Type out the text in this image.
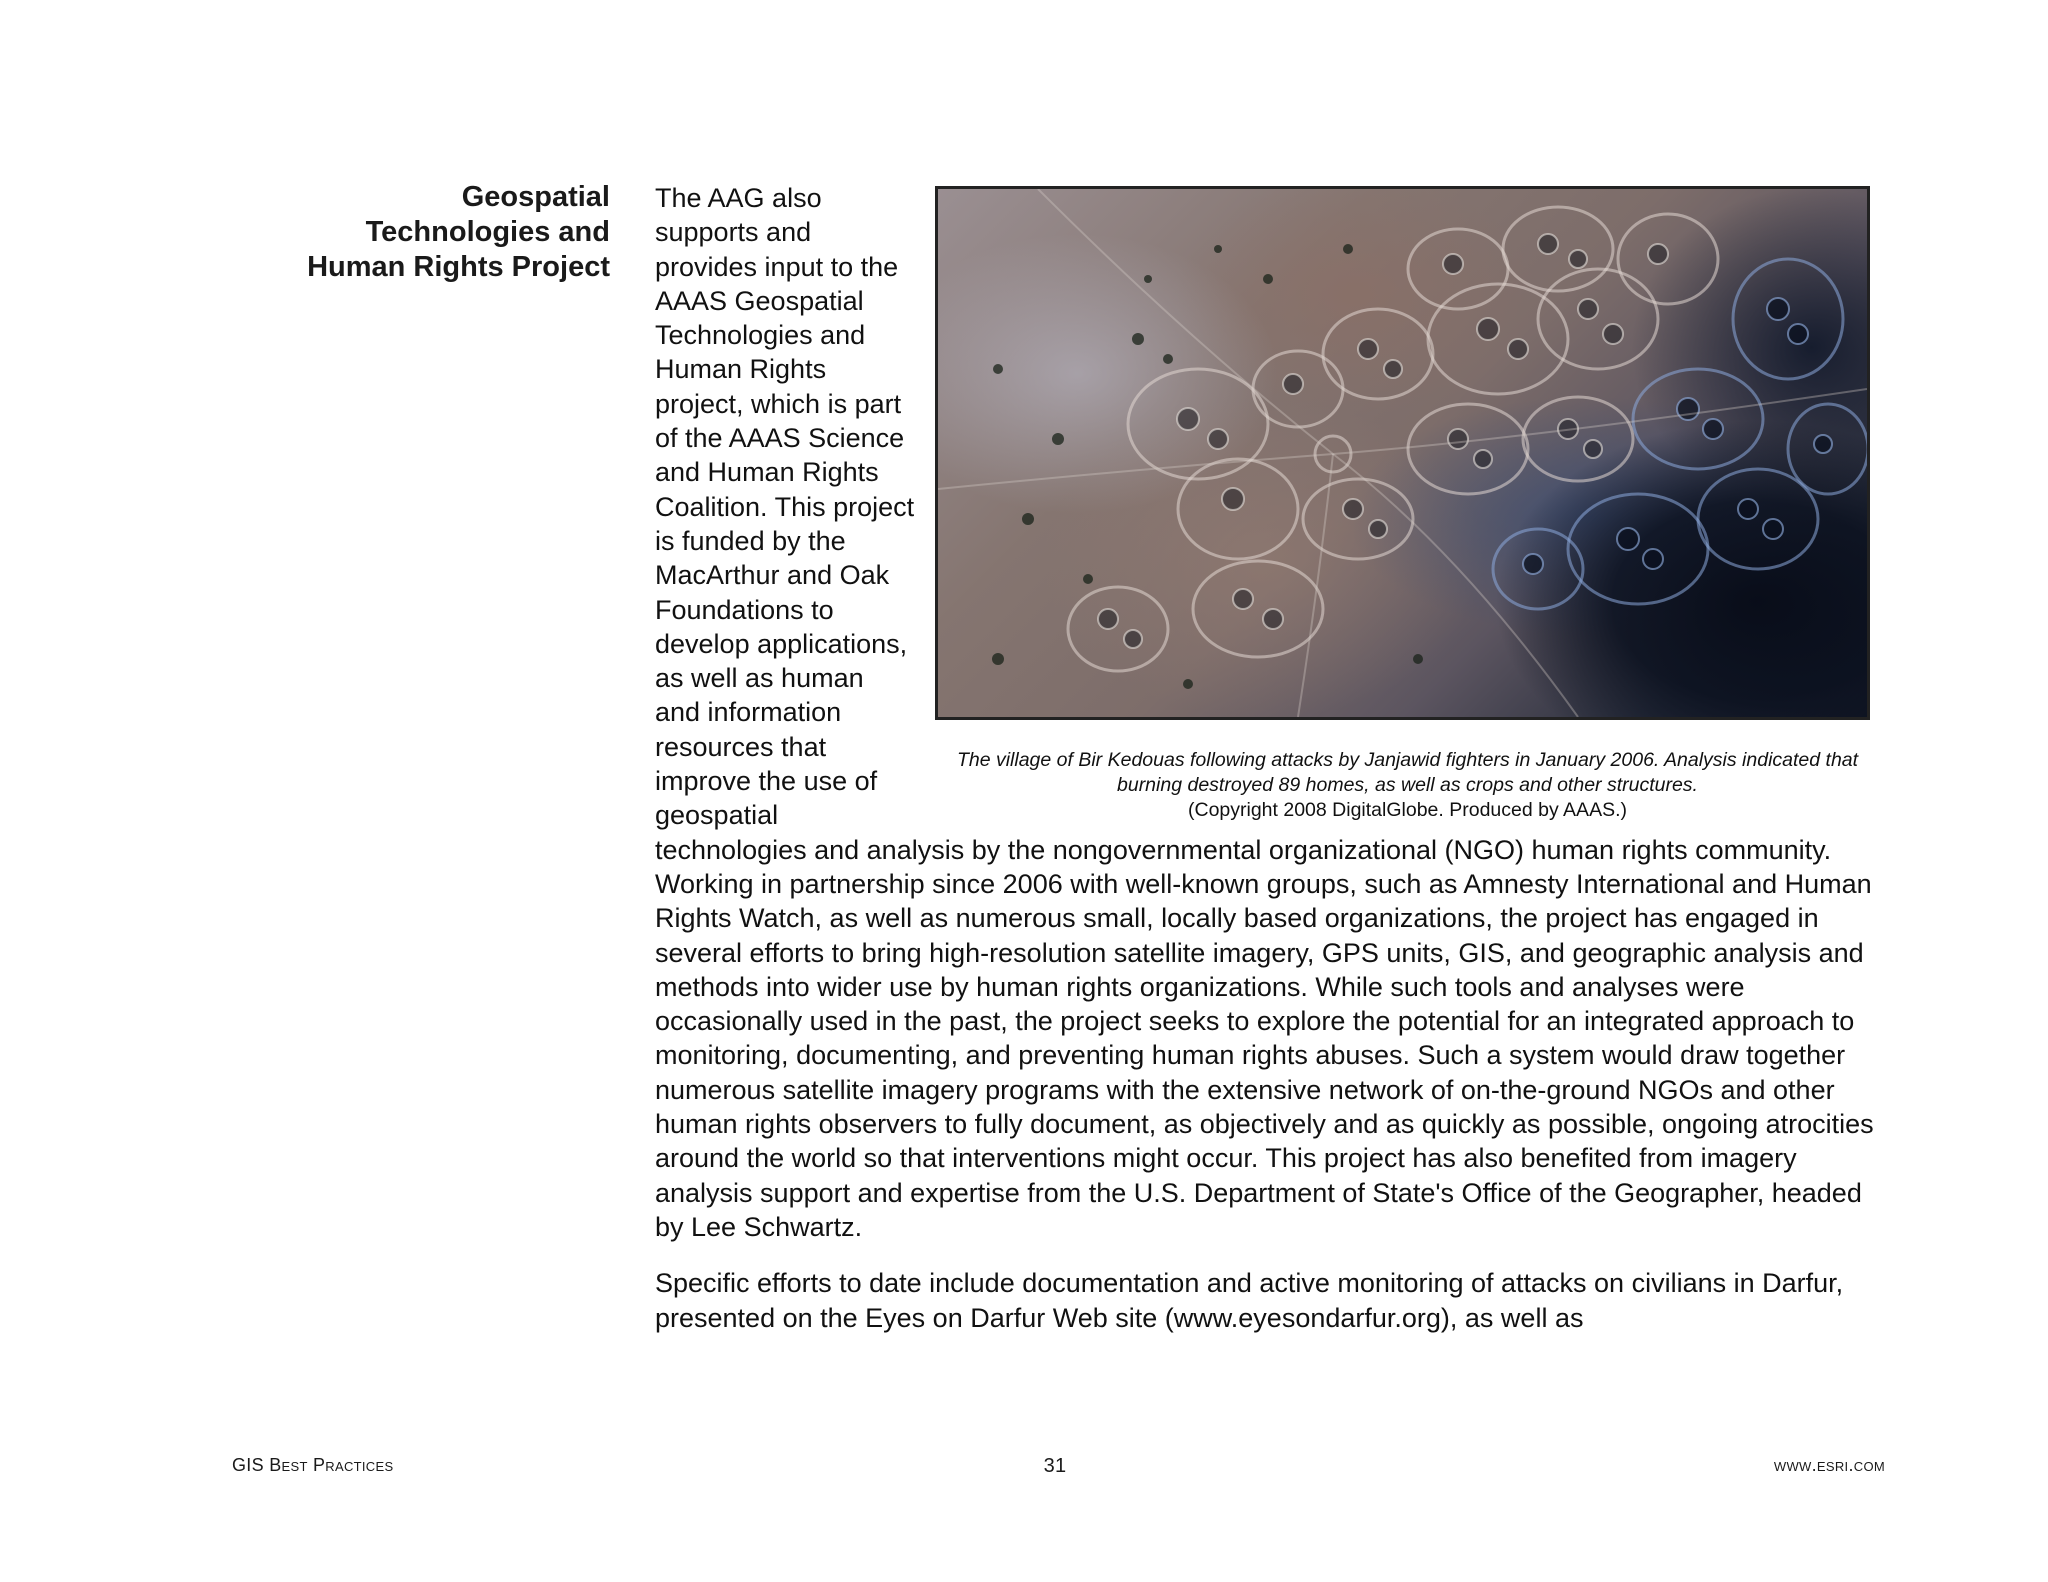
Geospatial
Technologies and
Human Rights Project
The village of Bir Kedouas following attacks by Janjawid fighters in January 2006. Analysis indicated that burning destroyed 89 homes, as well as crops and other structures.
(Copyright 2008 DigitalGlobe. Produced by AAAS.)

The AAG also supports and provides input to the AAAS Geospatial Technologies and Human Rights project, which is part of the AAAS Science and Human Rights Coalition. This project is funded by the MacArthur and Oak Foundations to develop applications, as well as human and information resources that improve the use of geospatial technologies and analysis by the nongovernmental organizational (NGO) human rights community. Working in partnership since 2006 with well-known groups, such as Amnesty International and Human Rights Watch, as well as numerous small, locally based organizations, the project has engaged in several efforts to bring high-resolution satellite imagery, GPS units, GIS, and geographic analysis and methods into wider use by human rights organizations. While such tools and analyses were occasionally used in the past, the project seeks to explore the potential for an integrated approach to monitoring, documenting, and preventing human rights abuses. Such a system would draw together numerous satellite imagery programs with the extensive network of on-the-ground NGOs and other human rights observers to fully document, as objectively and as quickly as possible, ongoing atrocities around the world so that interventions might occur. This project has also benefited from imagery analysis support and expertise from the U.S. Department of State's Office of the Geographer, headed by Lee Schwartz.

Specific efforts to date include documentation and active monitoring of attacks on civilians in Darfur, presented on the Eyes on Darfur Web site (www.eyesondarfur.org), as well as

GIS Best Practices	31	www.esri.com
